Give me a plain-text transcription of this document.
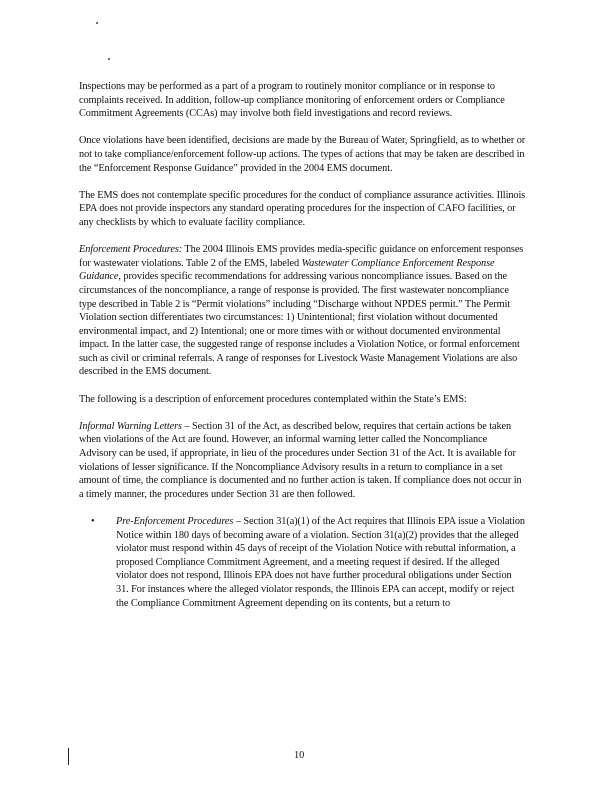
Inspections may be performed as a part of a program to routinely monitor compliance or in response to complaints received. In addition, follow-up compliance monitoring of enforcement orders or Compliance Commitment Agreements (CCAs) may involve both field investigations and record reviews.

Once violations have been identified, decisions are made by the Bureau of Water, Springfield, as to whether or not to take compliance/enforcement follow-up actions. The types of actions that may be taken are described in the “Enforcement Response Guidance” provided in the 2004 EMS document.

The EMS does not contemplate specific procedures for the conduct of compliance assurance activities. Illinois EPA does not provide inspectors any standard operating procedures for the inspection of CAFO facilities, or any checklists by which to evaluate facility compliance.

Enforcement Procedures: The 2004 Illinois EMS provides media-specific guidance on enforcement responses for wastewater violations. Table 2 of the EMS, labeled Wastewater Compliance Enforcement Response Guidance, provides specific recommendations for addressing various noncompliance issues. Based on the circumstances of the noncompliance, a range of response is provided. The first wastewater noncompliance type described in Table 2 is “Permit violations” including “Discharge without NPDES permit.” The Permit Violation section differentiates two circumstances: 1) Unintentional; first violation without documented environmental impact, and 2) Intentional; one or more times with or without documented environmental impact. In the latter case, the suggested range of response includes a Violation Notice, or formal enforcement such as civil or criminal referrals. A range of responses for Livestock Waste Management Violations are also described in the EMS document.

The following is a description of enforcement procedures contemplated within the State’s EMS:

Informal Warning Letters – Section 31 of the Act, as described below, requires that certain actions be taken when violations of the Act are found. However, an informal warning letter called the Noncompliance Advisory can be used, if appropriate, in lieu of the procedures under Section 31 of the Act. It is available for violations of lesser significance. If the Noncompliance Advisory results in a return to compliance in a set amount of time, the compliance is documented and no further action is taken. If compliance does not occur in a timely manner, the procedures under Section 31 are then followed.

•	Pre-Enforcement Procedures – Section 31(a)(1) of the Act requires that Illinois EPA issue a Violation Notice within 180 days of becoming aware of a violation. Section 31(a)(2) provides that the alleged violator must respond within 45 days of receipt of the Violation Notice with rebuttal information, a proposed Compliance Commitment Agreement, and a meeting request if desired. If the alleged violator does not respond, Illinois EPA does not have further procedural obligations under Section 31. For instances where the alleged violator responds, the Illinois EPA can accept, modify or reject the Compliance Commitment Agreement depending on its contents, but a return to
10
